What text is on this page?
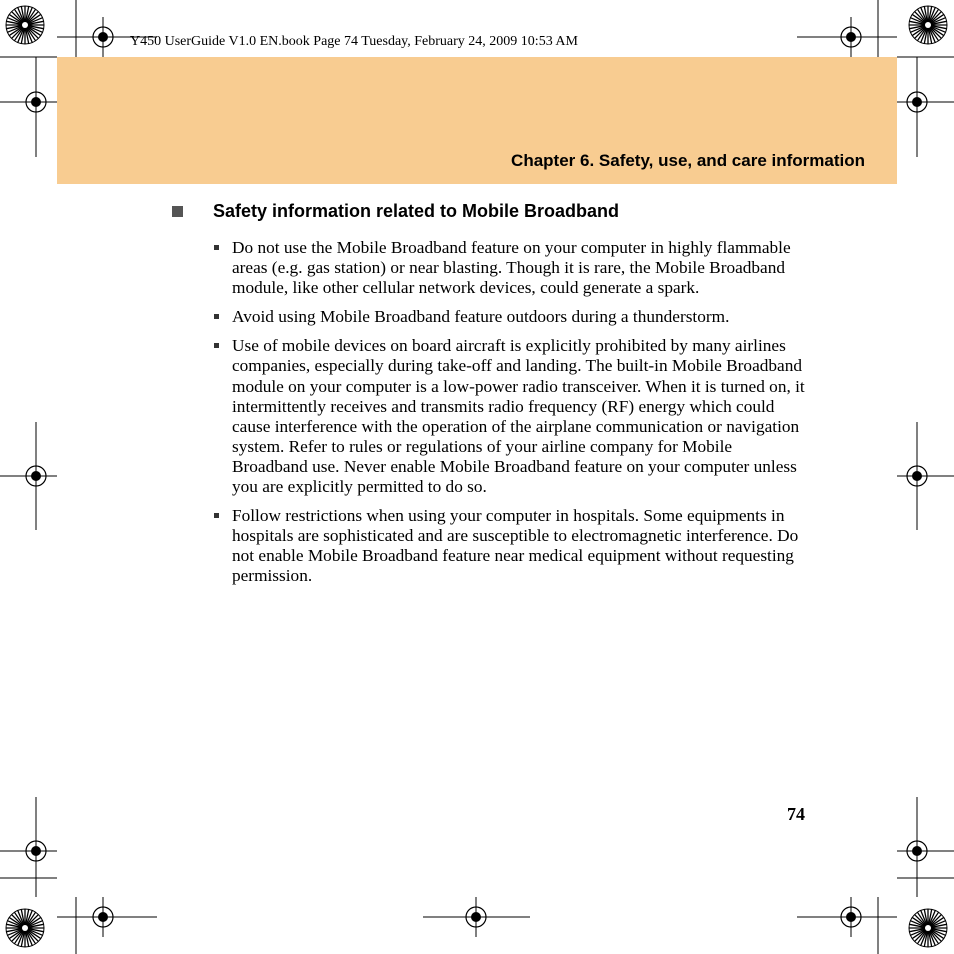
Y450 UserGuide V1.0 EN.book Page 74 Tuesday, February 24, 2009 10:53 AM
Chapter 6. Safety, use, and care information
Safety information related to Mobile Broadband
Do not use the Mobile Broadband feature on your computer in highly flammable areas (e.g. gas station) or near blasting. Though it is rare, the Mobile Broadband module, like other cellular network devices, could generate a spark.
Avoid using Mobile Broadband feature outdoors during a thunderstorm.
Use of mobile devices on board aircraft is explicitly prohibited by many airlines companies, especially during take-off and landing. The built-in Mobile Broadband module on your computer is a low-power radio transceiver. When it is turned on, it intermittently receives and transmits radio frequency (RF) energy which could cause interference with the operation of the airplane communication or navigation system. Refer to rules or regulations of your airline company for Mobile Broadband use. Never enable Mobile Broadband feature on your computer unless you are explicitly permitted to do so.
Follow restrictions when using your computer in hospitals. Some equipments in hospitals are sophisticated and are susceptible to electromagnetic interference. Do not enable Mobile Broadband feature near medical equipment without requesting permission.
74
